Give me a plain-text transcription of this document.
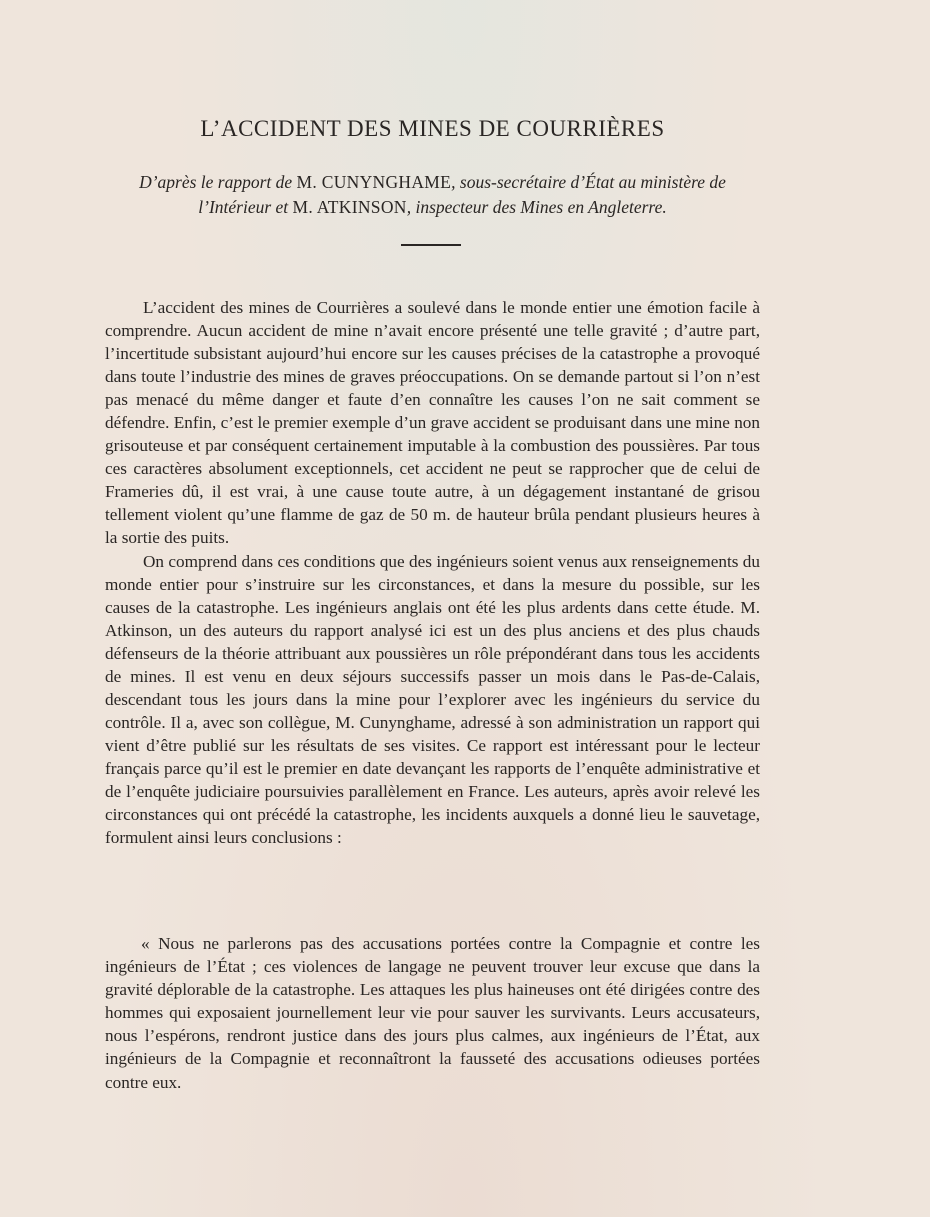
L’ACCIDENT DES MINES DE COURRIÈRES

D’après le rapport de M. CUNYNGHAME, sous-secrétaire d’État au ministère de l’Intérieur et M. ATKINSON, inspecteur des Mines en Angleterre.

L’accident des mines de Courrières a soulevé dans le monde entier une émotion facile à comprendre. Aucun accident de mine n’avait encore présenté une telle gravité ; d’autre part, l’incertitude subsistant aujourd’hui encore sur les causes précises de la catastrophe a provoqué dans toute l’industrie des mines de graves préoccupations. On se demande partout si l’on n’est pas menacé du même danger et faute d’en connaître les causes l’on ne sait comment se défendre. Enfin, c’est le premier exemple d’un grave accident se produisant dans une mine non grisouteuse et par conséquent certainement imputable à la combustion des poussières. Par tous ces caractères absolument exceptionnels, cet accident ne peut se rapprocher que de celui de Frameries dû, il est vrai, à une cause toute autre, à un dégagement instantané de grisou tellement violent qu’une flamme de gaz de 50 m. de hauteur brûla pendant plusieurs heures à la sortie des puits.

On comprend dans ces conditions que des ingénieurs soient venus aux renseignements du monde entier pour s’instruire sur les circonstances, et dans la mesure du possible, sur les causes de la catastrophe. Les ingénieurs anglais ont été les plus ardents dans cette étude. M. Atkinson, un des auteurs du rapport analysé ici est un des plus anciens et des plus chauds défenseurs de la théorie attribuant aux poussières un rôle prépondérant dans tous les accidents de mines. Il est venu en deux séjours successifs passer un mois dans le Pas-de-Calais, descendant tous les jours dans la mine pour l’explorer avec les ingénieurs du service du contrôle. Il a, avec son collègue, M. Cunynghame, adressé à son administration un rapport qui vient d’être publié sur les résultats de ses visites. Ce rapport est intéressant pour le lecteur français parce qu’il est le premier en date devançant les rapports de l’enquête administrative et de l’enquête judiciaire poursuivies parallèlement en France. Les auteurs, après avoir relevé les circonstances qui ont précédé la catastrophe, les incidents auxquels a donné lieu le sauvetage, formulent ainsi leurs conclusions :

« Nous ne parlerons pas des accusations portées contre la Compagnie et contre les ingénieurs de l’État ; ces violences de langage ne peuvent trouver leur excuse que dans la gravité déplorable de la catastrophe. Les attaques les plus haineuses ont été dirigées contre des hommes qui exposaient journellement leur vie pour sauver les survivants. Leurs accusateurs, nous l’espérons, rendront justice dans des jours plus calmes, aux ingénieurs de l’État, aux ingénieurs de la Compagnie et reconnaîtront la fausseté des accusations odieuses portées contre eux.
